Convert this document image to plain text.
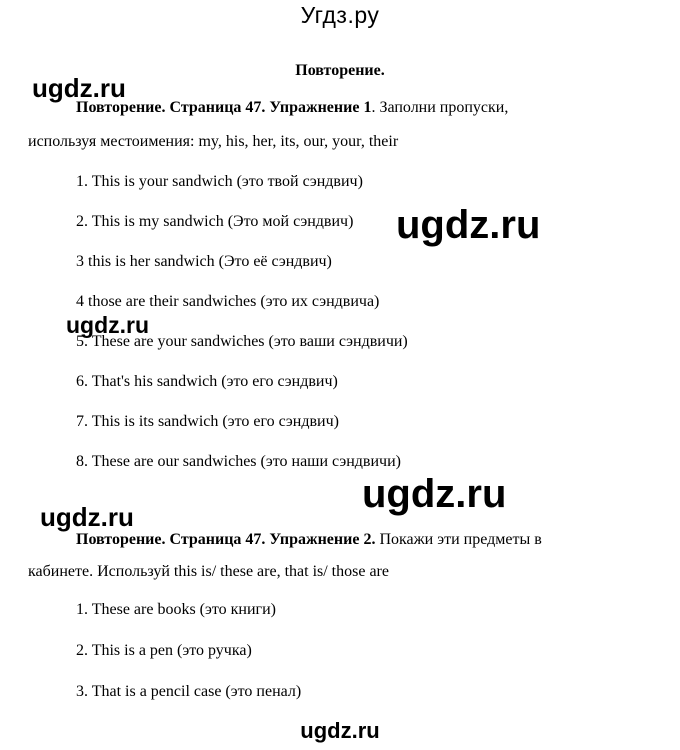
Угдз.ру
Повторение.
Повторение. Страница 47. Упражнение 1. Заполни пропуски,
используя местоимения: my, his, her, its, our, your, their
1. This is your sandwich (это твой сэндвич)
2. This is my sandwich (Это мой сэндвич)
3 this is her sandwich (Это её сэндвич)
4 those are their sandwiches (это их сэндвича)
5. These are your sandwiches (это ваши сэндвичи)
6. That's his sandwich (это его сэндвич)
7. This is its sandwich (это его сэндвич)
8. These are our sandwiches (это наши сэндвичи)
Повторение. Страница 47. Упражнение 2. Покажи эти предметы в
кабинете. Используй this is/ these are, that is/ those are
1. These are books (это книги)
2. This is a pen (это ручка)
3. That is a pencil case (это пенал)
ugdz.ru
ugdz.ru
ugdz.ru
ugdz.ru
ugdz.ru
ugdz.ru
